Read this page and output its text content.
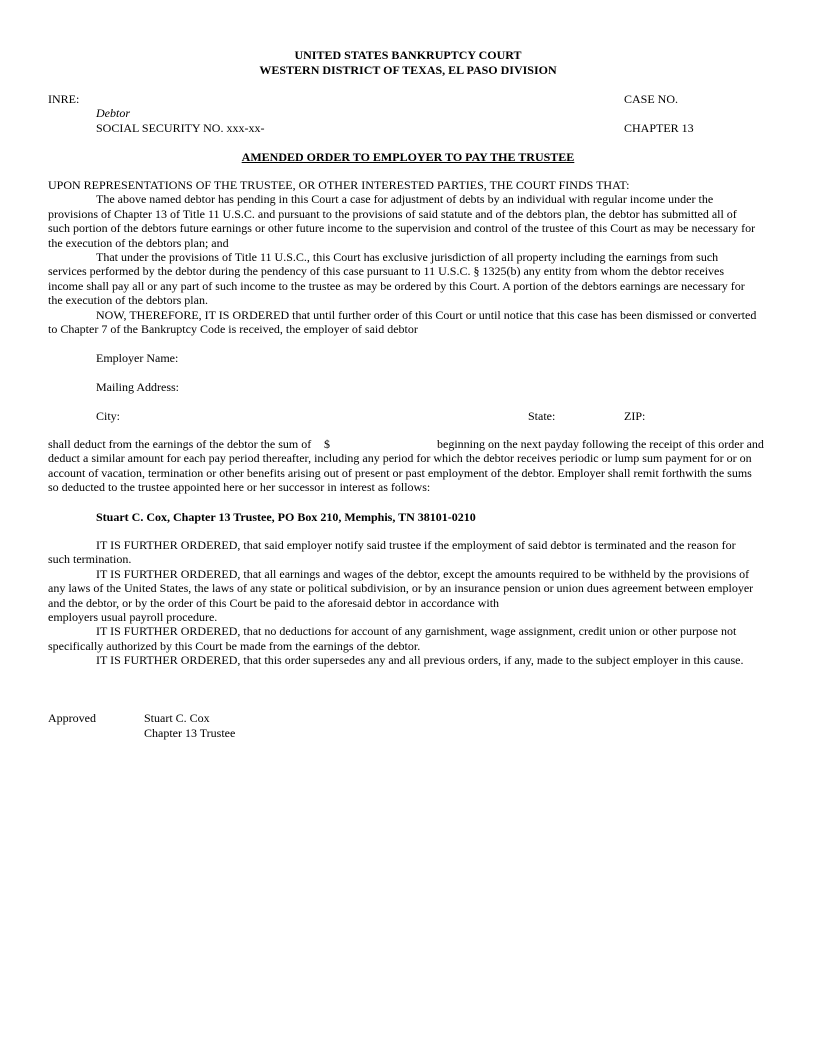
UNITED STATES BANKRUPTCY COURT
WESTERN DISTRICT OF TEXAS, EL PASO DIVISION
INRE:
Debtor
SOCIAL SECURITY NO. xxx-xx-
CASE NO.
CHAPTER 13
AMENDED ORDER TO EMPLOYER TO PAY THE TRUSTEE
UPON REPRESENTATIONS OF THE TRUSTEE, OR OTHER INTERESTED PARTIES, THE COURT FINDS THAT:
The above named debtor has pending in this Court a case for adjustment of debts by an individual with regular income under the
provisions of Chapter 13 of Title 11 U.S.C. and pursuant to the provisions of said statute and of the debtors plan, the debtor has submitted all of
such portion of the debtors future earnings or other future income to the supervision and control of the trustee of this Court as may be necessary for
the execution of the debtors plan; and
That under the provisions of Title 11 U.S.C., this Court has exclusive jurisdiction of all property including the earnings from such
services performed by the debtor during the pendency of this case pursuant to 11 U.S.C. § 1325(b) any entity from whom the debtor receives
income shall pay all or any part of such income to the trustee as may be ordered by this Court. A portion of the debtors earnings are necessary for
the execution of the debtors plan.
NOW, THEREFORE, IT IS ORDERED that until further order of this Court or until notice that this case has been dismissed or converted
to Chapter 7 of the Bankruptcy Code is received, the employer of said debtor
Employer Name:
Mailing Address:
City:	State:	ZIP:
shall deduct from the earnings of the debtor the sum of $	beginning on the next payday following the receipt of this order and
deduct a similar amount for each pay period thereafter, including any period for which the debtor receives periodic or lump sum payment for or on
account of vacation, termination or other benefits arising out of present or past employment of the debtor. Employer shall remit forthwith the sums
so deducted to the trustee appointed here or her successor in interest as follows:
Stuart C. Cox, Chapter 13 Trustee, PO Box 210, Memphis, TN 38101-0210
IT IS FURTHER ORDERED, that said employer notify said trustee if the employment of said debtor is terminated and the reason for
such termination.
IT IS FURTHER ORDERED, that all earnings and wages of the debtor, except the amounts required to be withheld by the provisions of
any laws of the United States, the laws of any state or political subdivision, or by an insurance pension or union dues agreement between employer
and the debtor, or by the order of this Court be paid to the aforesaid debtor in accordance with
employers usual payroll procedure.
IT IS FURTHER ORDERED, that no deductions for account of any garnishment, wage assignment, credit union or other purpose not
specifically authorized by this Court be made from the earnings of the debtor.
IT IS FURTHER ORDERED, that this order supersedes any and all previous orders, if any, made to the subject employer in this cause.
Approved	Stuart C. Cox
Chapter 13 Trustee
